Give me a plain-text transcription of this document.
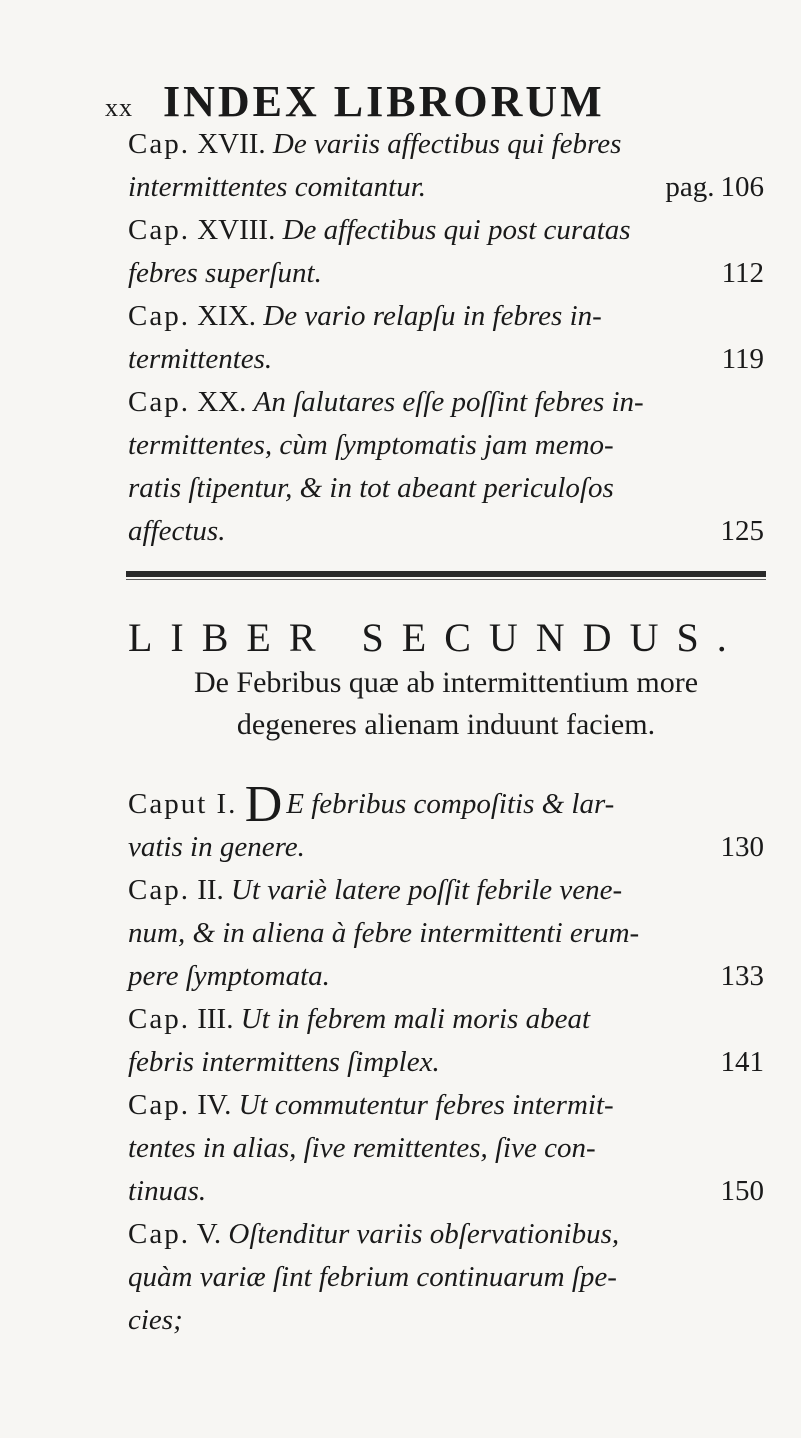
xx INDEX LIBRORUM
Cap. XVII. De variis affectibus qui febres
intermittentes comitantur.	pag. 106
Cap. XVIII. De affectibus qui post curatas
febres superſunt.	112
Cap. XIX. De vario relapſu in febres in-
termittentes.	119
Cap. XX. An ſalutares eſſe poſſint febres in-
termittentes, cùm ſymptomatis jam memo-
ratis ſtipentur, & in tot abeant periculoſos
affectus.	125
LIBER SECUNDUS.
De Febribus quæ ab intermittentium more
degeneres alienam induunt faciem.
Caput I. D E febribus compoſitis & lar-
vatis in genere.	130
Cap. II. Ut variè latere poſſit febrile vene-
num, & in aliena à febre intermittenti erum-
pere ſymptomata.	133
Cap. III. Ut in febrem mali moris abeat
febris intermittens ſimplex.	141
Cap. IV. Ut commutentur febres intermit-
tentes in alias, ſive remittentes, ſive con-
tinuas.	150
Cap. V. Oſtenditur variis obſervationibus,
quàm variæ ſint febrium continuarum ſpe-
cies;
